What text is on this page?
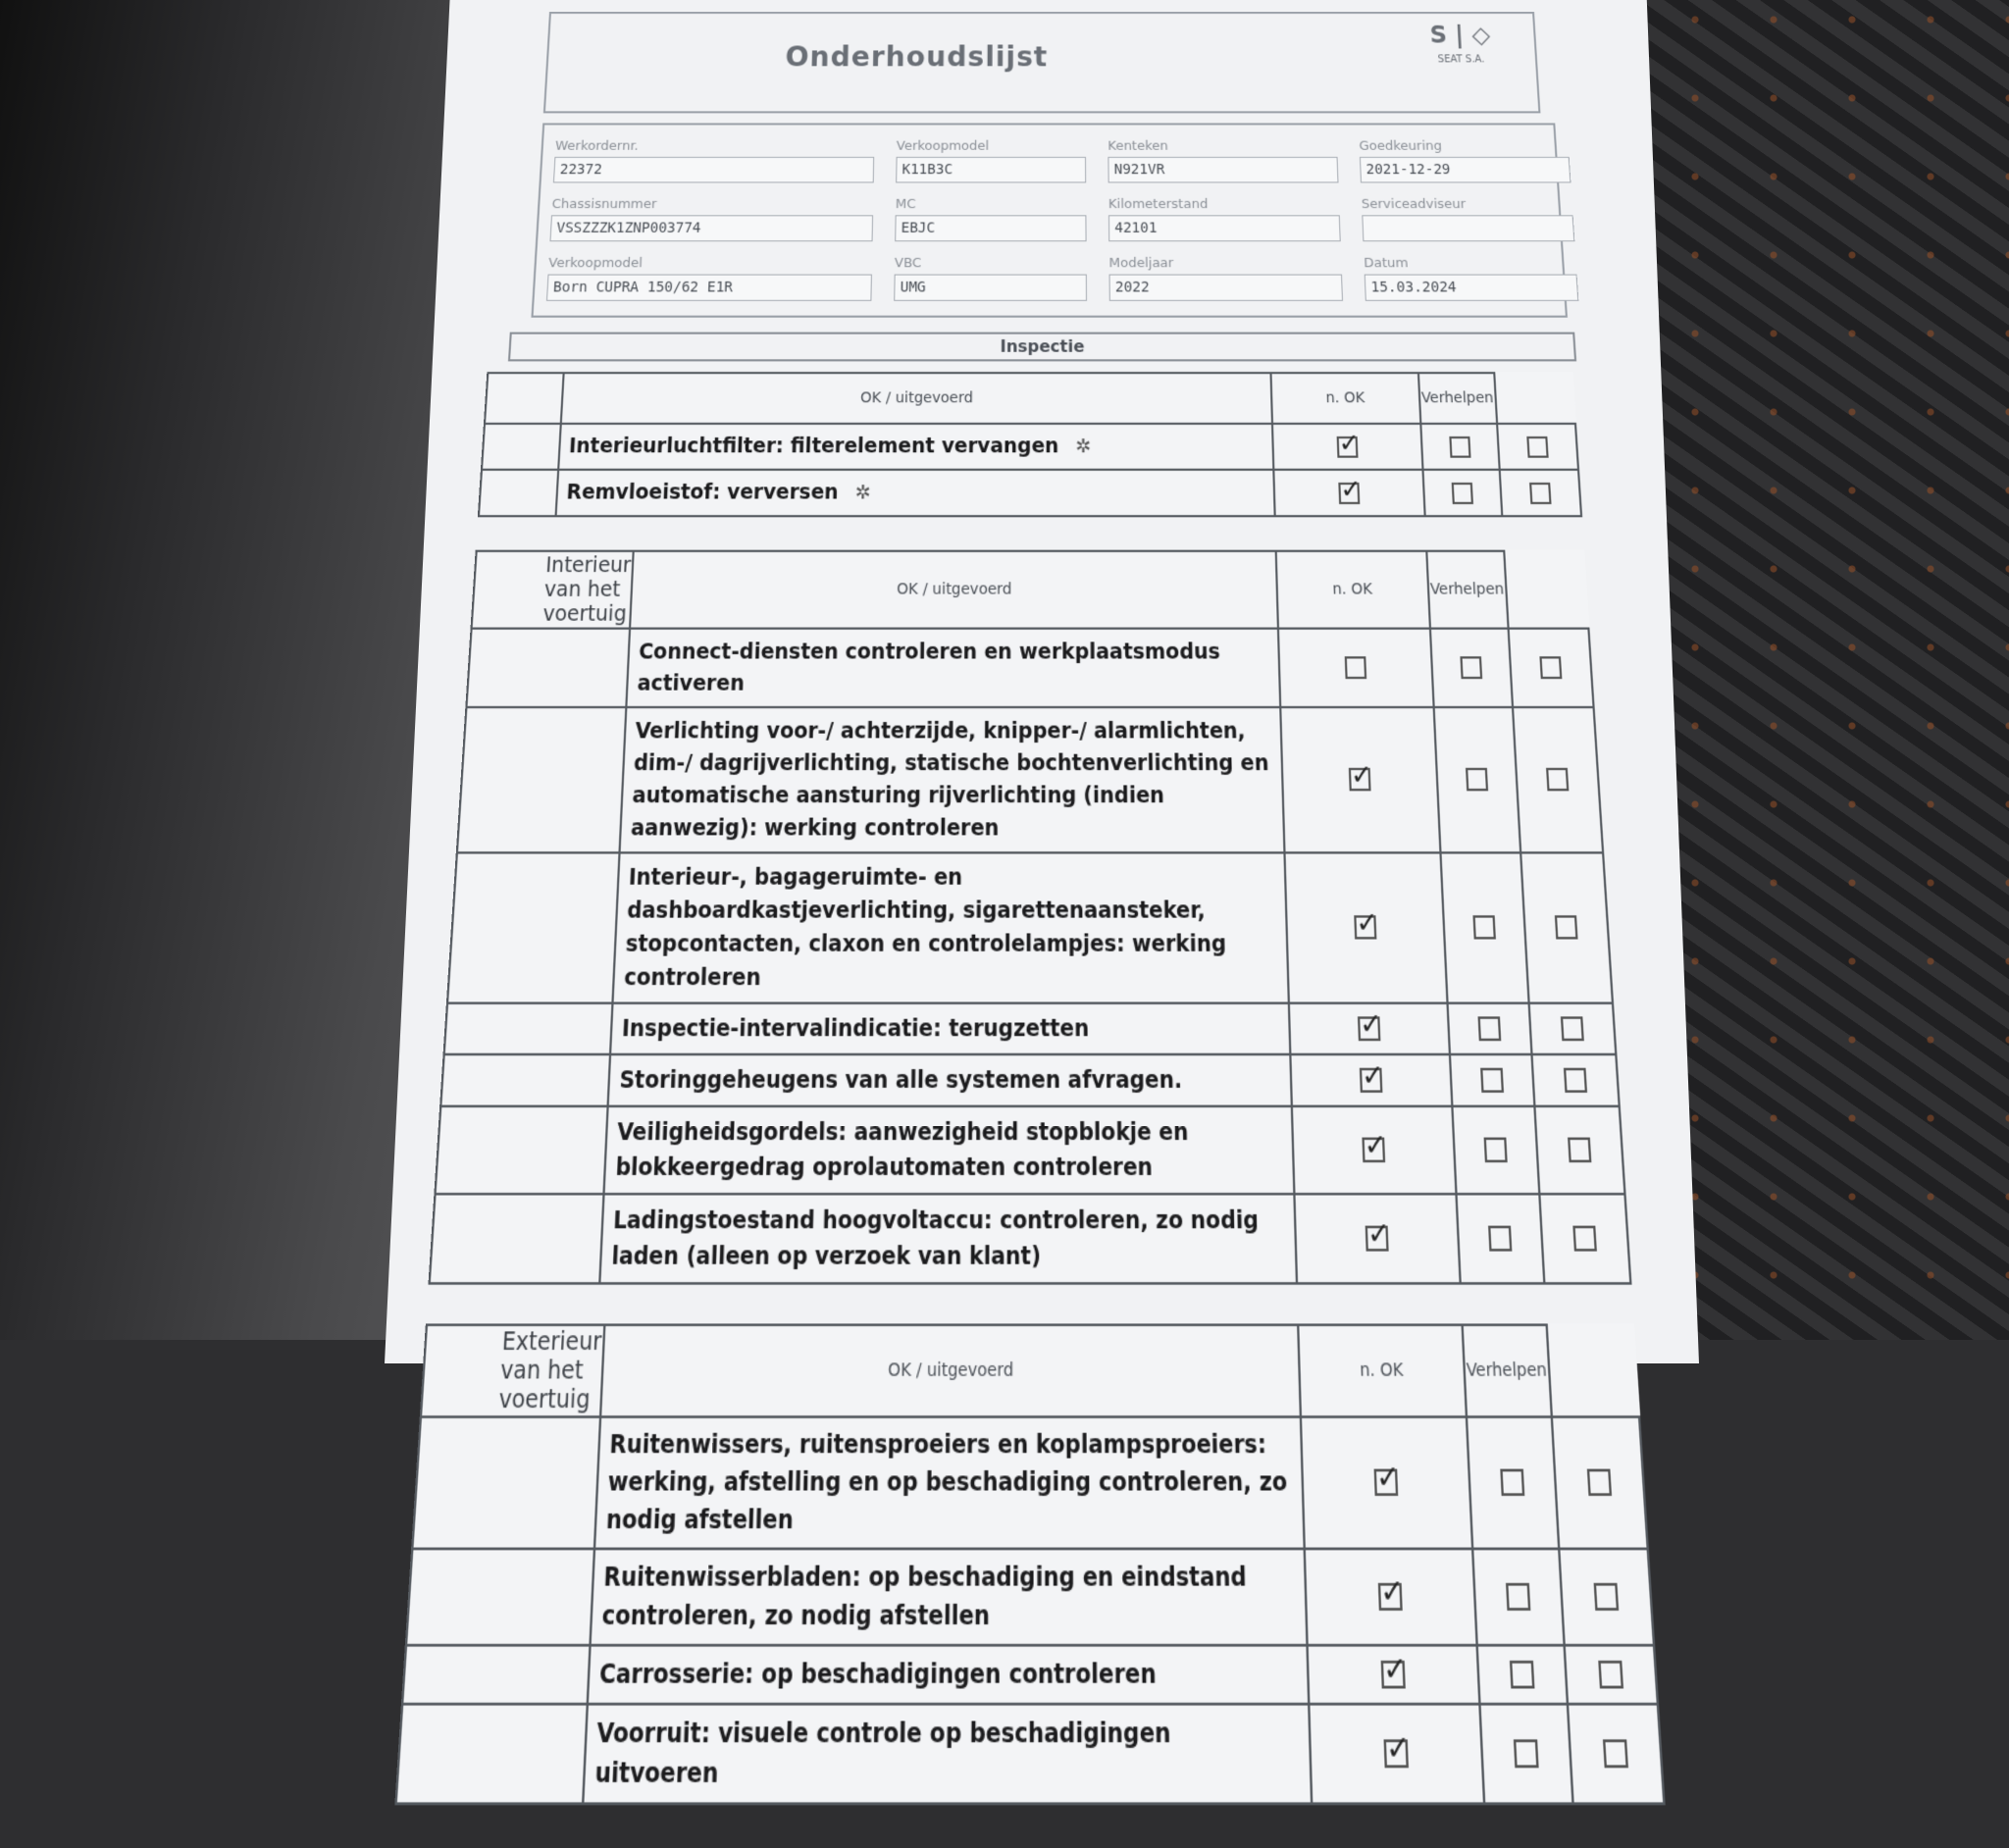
Onderhoudslijst
S | ◇
SEAT S.A.
Werkordernr.
22372
Verkoopmodel
K11B3C
Kenteken
N921VR
Goedkeuring
2021-12-29
Chassisnummer
VSSZZZK1ZNP003774
MC
EBJC
Kilometerstand
42101
Serviceadviseur
Verkoopmodel
Born CUPRA 150/62 E1R
VBC
UMG
Modeljaar
2022
Datum
15.03.2024
Inspectie
	OK / uitgevoerd	n. OK	Verhelpen	
	Interieurluchtfilter: filterelement vervangen ✲	✓		
	Remvloeistof: verversen ✲	✓		
Interieur van het voertuig	OK / uitgevoerd	n. OK	Verhelpen	
	Connect-diensten controleren en werkplaatsmodus activeren			
	Verlichting voor-/ achterzijde, knipper-/ alarmlichten, dim-/ dagrijverlichting, statische bochtenverlichting en automatische aansturing rijverlichting (indien aanwezig): werking controleren	✓		
	Interieur-, bagageruimte- en dashboardkastjeverlichting, sigarettenaansteker, stopcontacten, claxon en controlelampjes: werking controleren	✓		
	Inspectie-intervalindicatie: terugzetten	✓		
	Storinggeheugens van alle systemen afvragen.	✓		
	Veiligheidsgordels: aanwezigheid stopblokje en blokkeergedrag oprolautomaten controleren	✓		
	Ladingstoestand hoogvoltaccu: controleren, zo nodig laden (alleen op verzoek van klant)	✓		
Exterieur van het voertuig	OK / uitgevoerd	n. OK	Verhelpen	
	Ruitenwissers, ruitensproeiers en koplampsproeiers: werking, afstelling en op beschadiging controleren, zo nodig afstellen	✓		
	Ruitenwisserbladen: op beschadiging en eindstand controleren, zo nodig afstellen	✓		
	Carrosserie: op beschadigingen controleren	✓		
	Voorruit: visuele controle op beschadigingen uitvoeren	✓		
